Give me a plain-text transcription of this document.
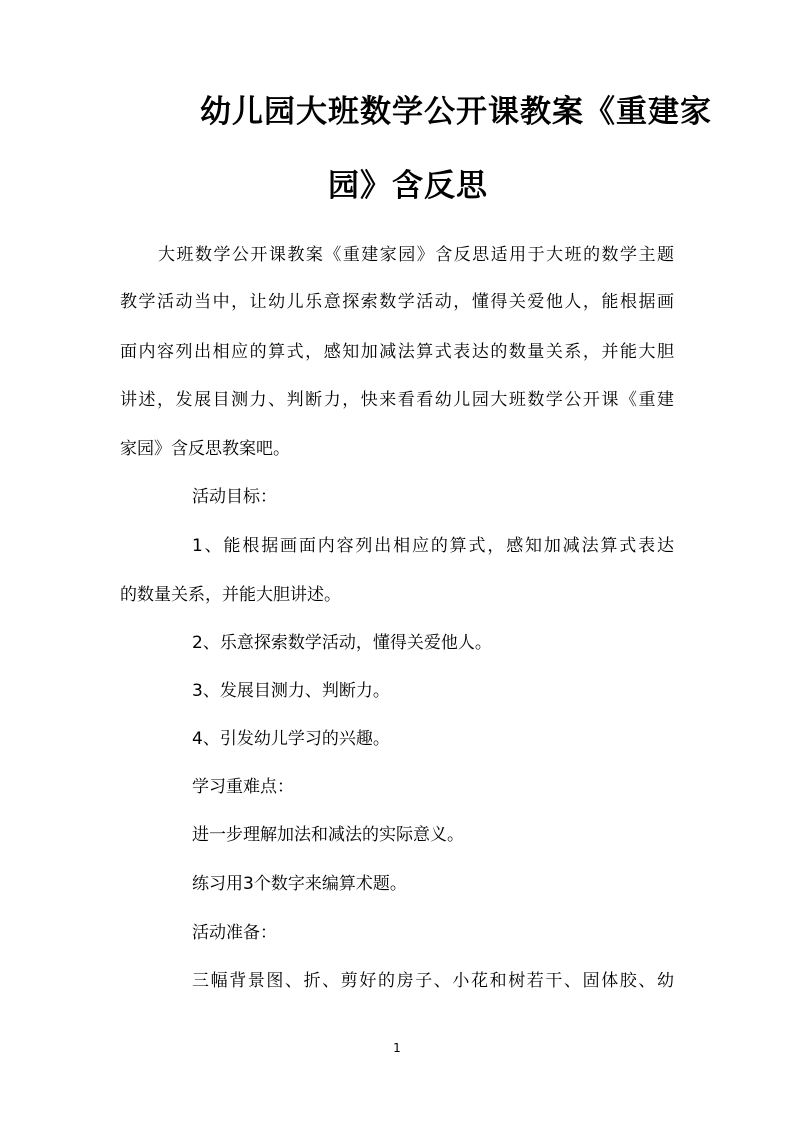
幼儿园大班数学公开课教案《重建家
园》含反思
大班数学公开课教案《重建家园》含反思适用于大班的数学主题
教学活动当中，让幼儿乐意探索数学活动，懂得关爱他人，能根据画
面内容列出相应的算式，感知加减法算式表达的数量关系，并能大胆
讲述，发展目测力、判断力，快来看看幼儿园大班数学公开课《重建
家园》含反思教案吧。
活动目标：
1、能根据画面内容列出相应的算式，感知加减法算式表达
的数量关系，并能大胆讲述。
2、乐意探索数学活动，懂得关爱他人。
3、发展目测力、判断力。
4、引发幼儿学习的兴趣。
学习重难点：
进一步理解加法和减法的实际意义。
练习用3个数字来编算术题。
活动准备：
三幅背景图、折、剪好的房子、小花和树若干、固体胶、幼
1
